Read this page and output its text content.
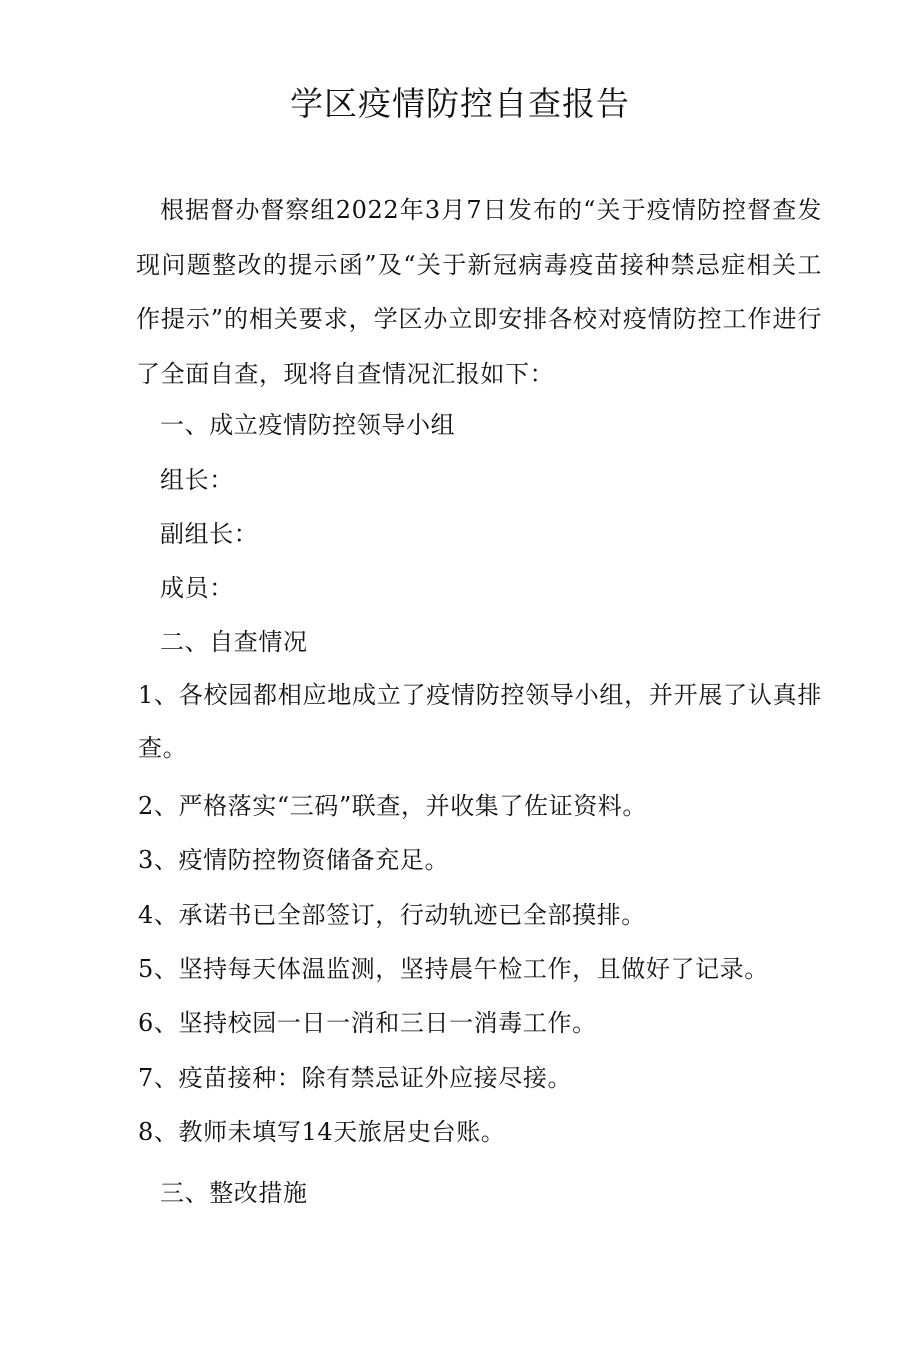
学区疫情防控自查报告

根据督办督察组2022年3月7日发布的“关于疫情防控督查发现问题整改的提示函”及“关于新冠病毒疫苗接种禁忌症相关工作提示”的相关要求，学区办立即安排各校对疫情防控工作进行了全面自查，现将自查情况汇报如下：

一、成立疫情防控领导小组

组长：

副组长：

成员：

二、自查情况

1、各校园都相应地成立了疫情防控领导小组，并开展了认真排查。

2、严格落实“三码”联查，并收集了佐证资料。

3、疫情防控物资储备充足。

4、承诺书已全部签订，行动轨迹已全部摸排。

5、坚持每天体温监测，坚持晨午检工作，且做好了记录。

6、坚持校园一日一消和三日一消毒工作。

7、疫苗接种：除有禁忌证外应接尽接。

8、教师未填写14天旅居史台账。

三、整改措施
